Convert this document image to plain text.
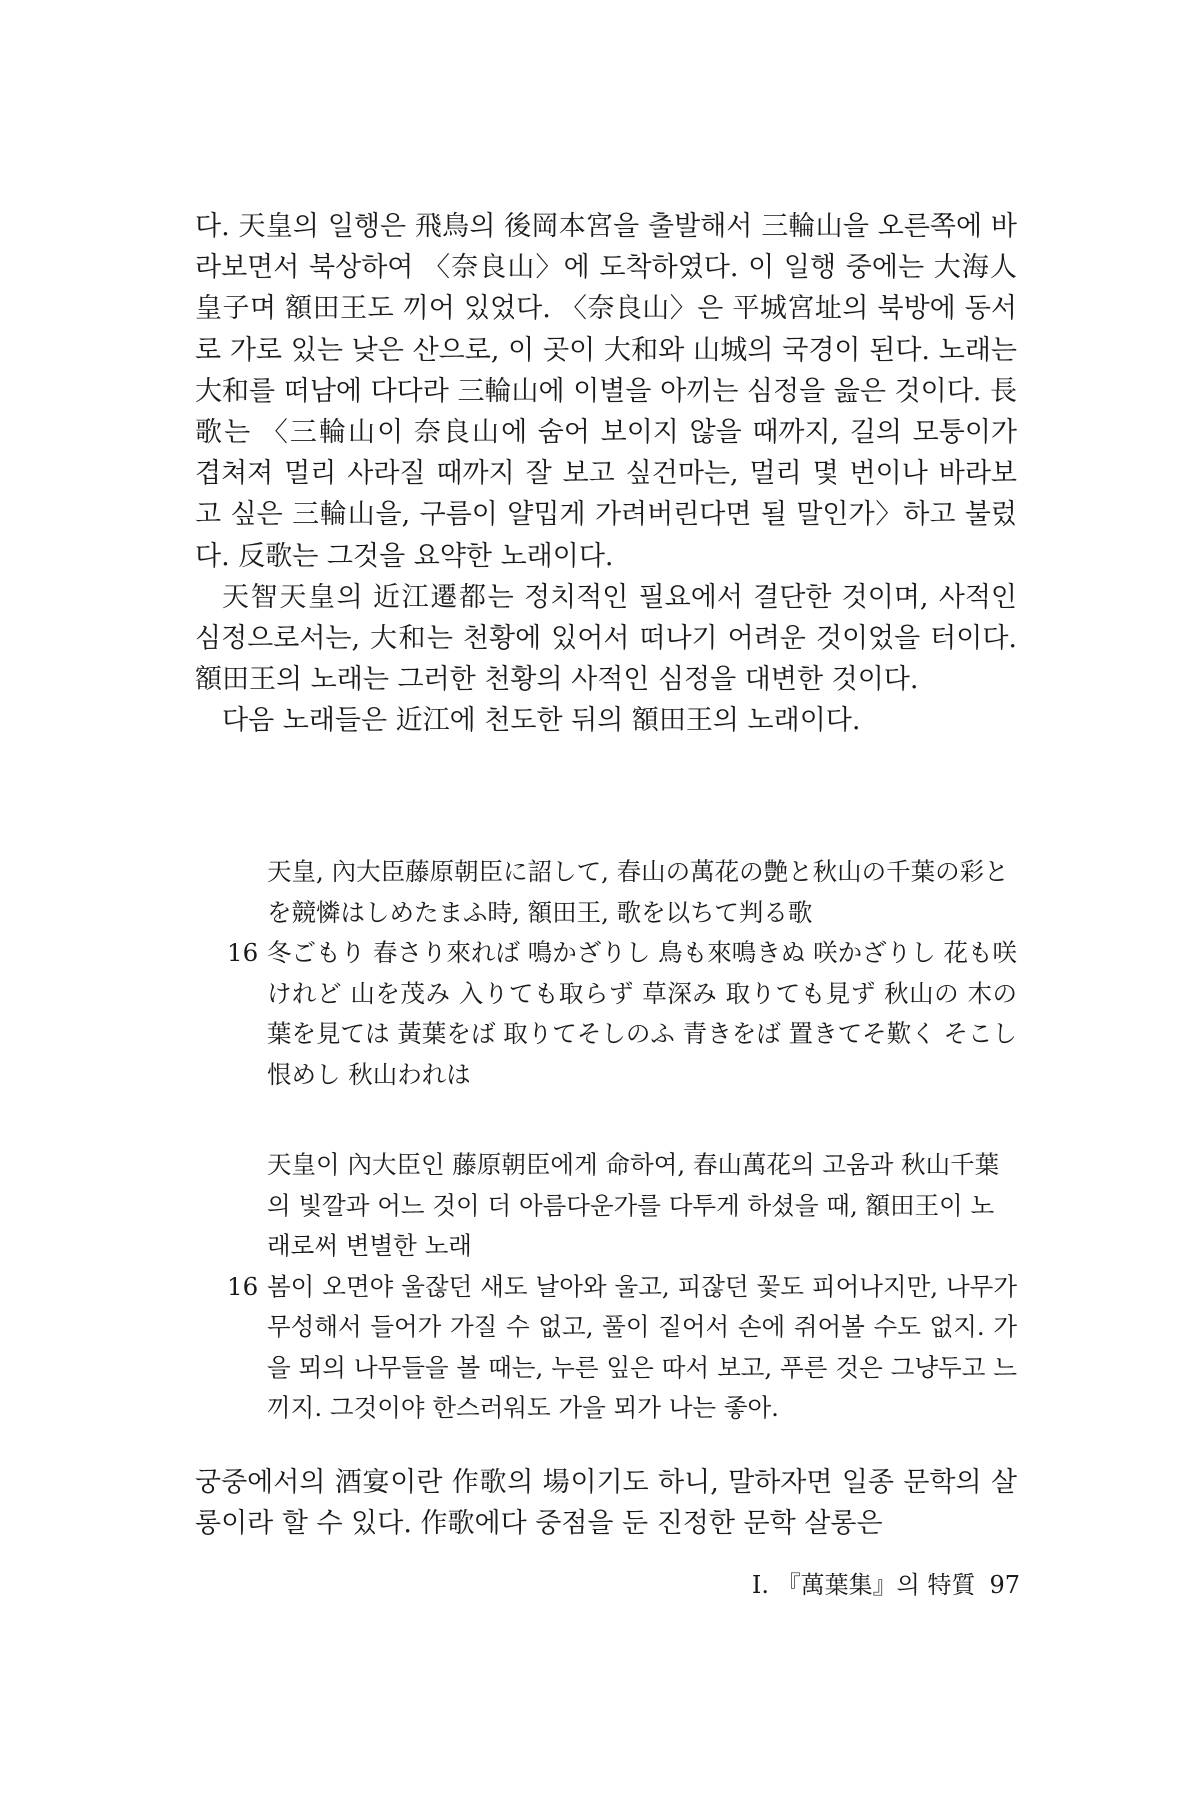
다. 天皇의 일행은 飛鳥의 後岡本宮을 출발해서 三輪山을 오른쪽에 바라보면서 북상하여 〈奈良山〉에 도착하였다. 이 일행 중에는 大海人皇子며 額田王도 끼어 있었다. 〈奈良山〉은 平城宮址의 북방에 동서로 가로 있는 낮은 산으로, 이 곳이 大和와 山城의 국경이 된다. 노래는 大和를 떠남에 다다라 三輪山에 이별을 아끼는 심정을 읊은 것이다. 長歌는 〈三輪山이 奈良山에 숨어 보이지 않을 때까지, 길의 모퉁이가 겹쳐져 멀리 사라질 때까지 잘 보고 싶건마는, 멀리 몇 번이나 바라보고 싶은 三輪山을, 구름이 얄밉게 가려버린다면 될 말인가〉하고 불렀다. 反歌는 그것을 요약한 노래이다.

天智天皇의 近江遷都는 정치적인 필요에서 결단한 것이며, 사적인 심정으로서는, 大和는 천황에 있어서 떠나기 어려운 것이었을 터이다. 額田王의 노래는 그러한 천황의 사적인 심정을 대변한 것이다.

다음 노래들은 近江에 천도한 뒤의 額田王의 노래이다.

天皇, 內大臣藤原朝臣に詔して, 春山の萬花の艶と秋山の千葉の彩とを競憐はしめたまふ時, 額田王, 歌を以ちて判る歌

16 冬ごもり 春さり來れば 鳴かざりし 鳥も來鳴きぬ 咲かざりし 花も咲けれど 山を茂み 入りても取らず 草深み 取りても見ず 秋山の 木の葉を見ては 黃葉をば 取りてそしのふ 青きをば 置きてそ歎く そこし恨めし 秋山われは

天皇이 內大臣인 藤原朝臣에게 命하여, 春山萬花의 고움과 秋山千葉의 빛깔과 어느 것이 더 아름다운가를 다투게 하셨을 때, 額田王이 노래로써 변별한 노래

16 봄이 오면야 울잖던 새도 날아와 울고, 피잖던 꽃도 피어나지만, 나무가 무성해서 들어가 가질 수 없고, 풀이 짙어서 손에 쥐어볼 수도 없지. 가을 뫼의 나무들을 볼 때는, 누른 잎은 따서 보고, 푸른 것은 그냥두고 느끼지. 그것이야 한스러워도 가을 뫼가 나는 좋아.

궁중에서의 酒宴이란 作歌의 場이기도 하니, 말하자면 일종 문학의 살롱이라 할 수 있다. 作歌에다 중점을 둔 진정한 문학 살롱은

I. 『萬葉集』의 特質 97
